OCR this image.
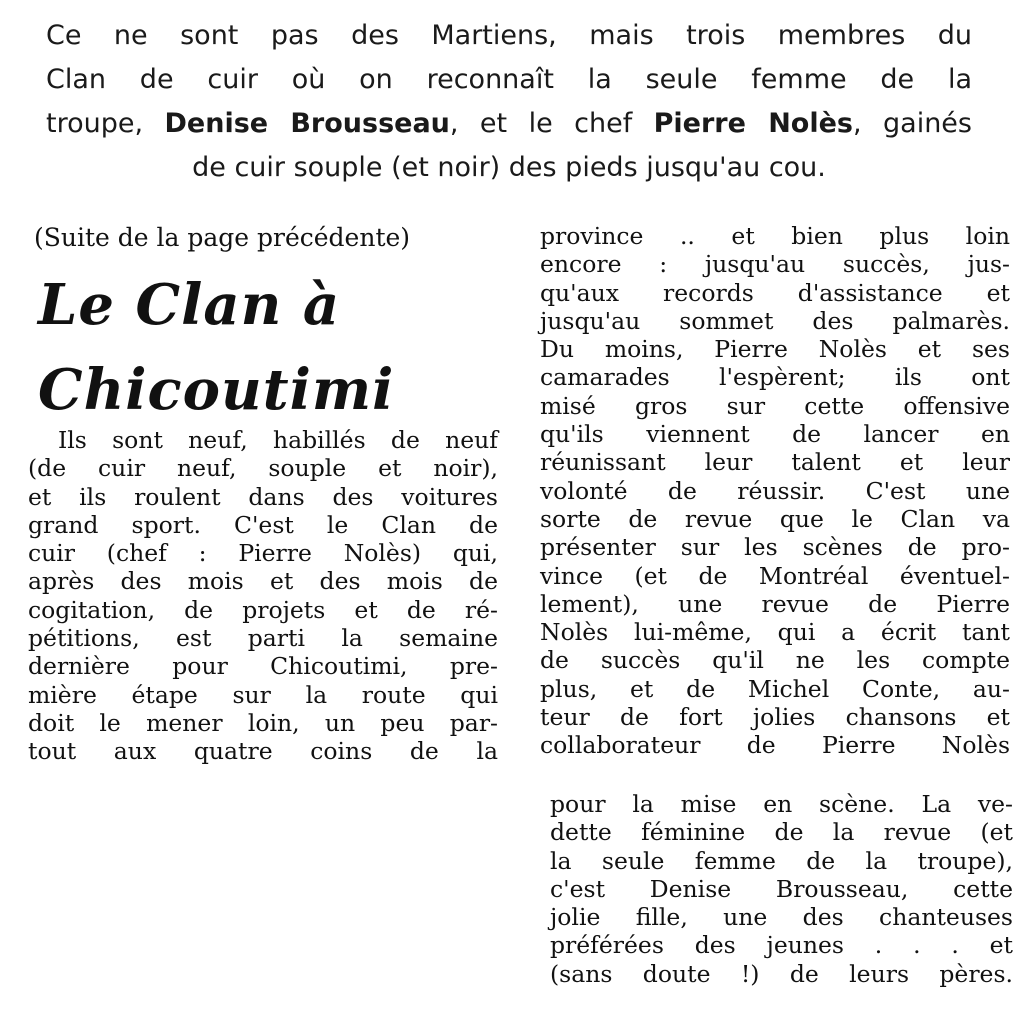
Ce ne sont pas des Martiens, mais trois membres du
Clan de cuir où on reconnaît la seule femme de la
troupe, Denise Brousseau, et le chef Pierre Nolès, gainés
de cuir souple (et noir) des pieds jusqu'au cou.
(Suite de la page précédente)
Le Clan à
Chicoutimi
Ils sont neuf, habillés de neuf
(de cuir neuf, souple et noir),
et ils roulent dans des voitures
grand sport. C'est le Clan de
cuir (chef : Pierre Nolès) qui,
après des mois et des mois de
cogitation, de projets et de ré-
pétitions, est parti la semaine
dernière pour Chicoutimi, pre-
mière étape sur la route qui
doit le mener loin, un peu par-
tout aux quatre coins de la
province .. et bien plus loin
encore : jusqu'au succès, jus-
qu'aux records d'assistance et
jusqu'au sommet des palmarès.
Du moins, Pierre Nolès et ses
camarades l'espèrent; ils ont
misé gros sur cette offensive
qu'ils viennent de lancer en
réunissant leur talent et leur
volonté de réussir. C'est une
sorte de revue que le Clan va
présenter sur les scènes de pro-
vince (et de Montréal éventuel-
lement), une revue de Pierre
Nolès lui-même, qui a écrit tant
de succès qu'il ne les compte
plus, et de Michel Conte, au-
teur de fort jolies chansons et
collaborateur de Pierre Nolès
pour la mise en scène. La ve-
dette féminine de la revue (et
la seule femme de la troupe),
c'est Denise Brousseau, cette
jolie fille, une des chanteuses
préférées des jeunes . . . et
(sans doute !) de leurs pères.
